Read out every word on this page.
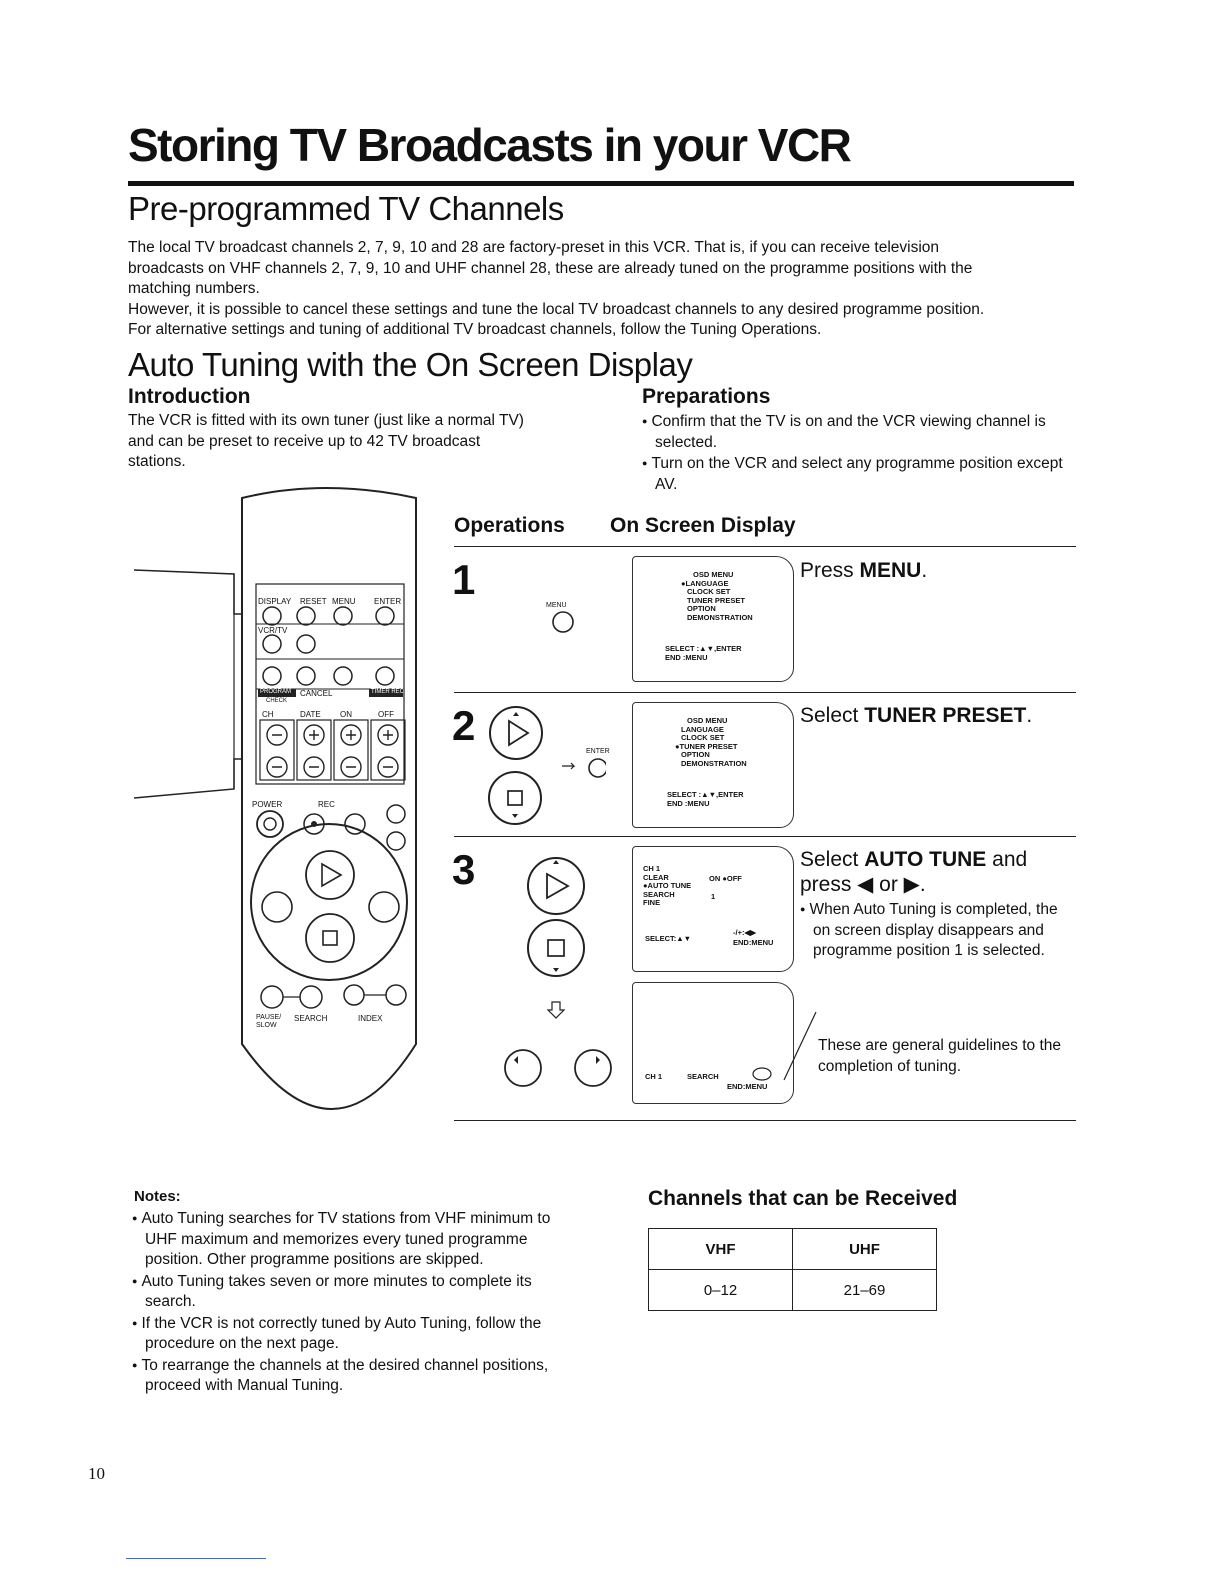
Storing TV Broadcasts in your VCR
Pre-programmed TV Channels
The local TV broadcast channels 2, 7, 9, 10 and 28 are factory-preset in this VCR. That is, if you can receive television
broadcasts on VHF channels 2, 7, 9, 10 and UHF channel 28, these are already tuned on the programme positions with the
matching numbers.
However, it is possible to cancel these settings and tune the local TV broadcast channels to any desired programme position.
For alternative settings and tuning of additional TV broadcast channels, follow the Tuning Operations.
Auto Tuning with the On Screen Display
Introduction
The VCR is fitted with its own tuner (just like a normal TV)
and can be preset to receive up to 42 TV broadcast
stations.
Preparations
● Confirm that the TV is on and the VCR viewing channel is selected.
● Turn on the VCR and select any programme position except AV.
DISPLAY RESET MENU ENTER
VCR/TV
PROGRAM CANCEL	TIMER REC
CHECK
CH	DATE ON	OFF
POWER	REC
PAUSE/ SLOW
SEARCH	INDEX
Operations On Screen Display
1
MENU
OSD MENU
●LANGUAGE
CLOCK SET
TUNER PRESET
OPTION
DEMONSTRATION
SELECT :▲▼,ENTER
END :MENU
Press MENU.
2
ENTER
OSD MENU
LANGUAGE
CLOCK SET
●TUNER PRESET
OPTION
DEMONSTRATION
SELECT :▲▼,ENTER
END :MENU
Select TUNER PRESET.
3	CH 1
CLEAR
●AUTO TUNE
SEARCH
FINE
ON ●OFF
1
SELECT:▲▼
-/+:◀▶
END:MENU
Select AUTO TUNE and
press ◀ or ▶.
● When Auto Tuning is completed, the on screen display disappears and programme position 1 is selected.
CH 1	SEARCH
END:MENU
These are general guidelines to the completion of tuning.
Notes:
● Auto Tuning searches for TV stations from VHF minimum to UHF maximum and memorizes every tuned programme position. Other programme positions are skipped.
● Auto Tuning takes seven or more minutes to complete its search.
● If the VCR is not correctly tuned by Auto Tuning, follow the procedure on the next page.
● To rearrange the channels at the desired channel positions, proceed with Manual Tuning.
Channels that can be Received
VHF	UHF
0–12	21–69
10
